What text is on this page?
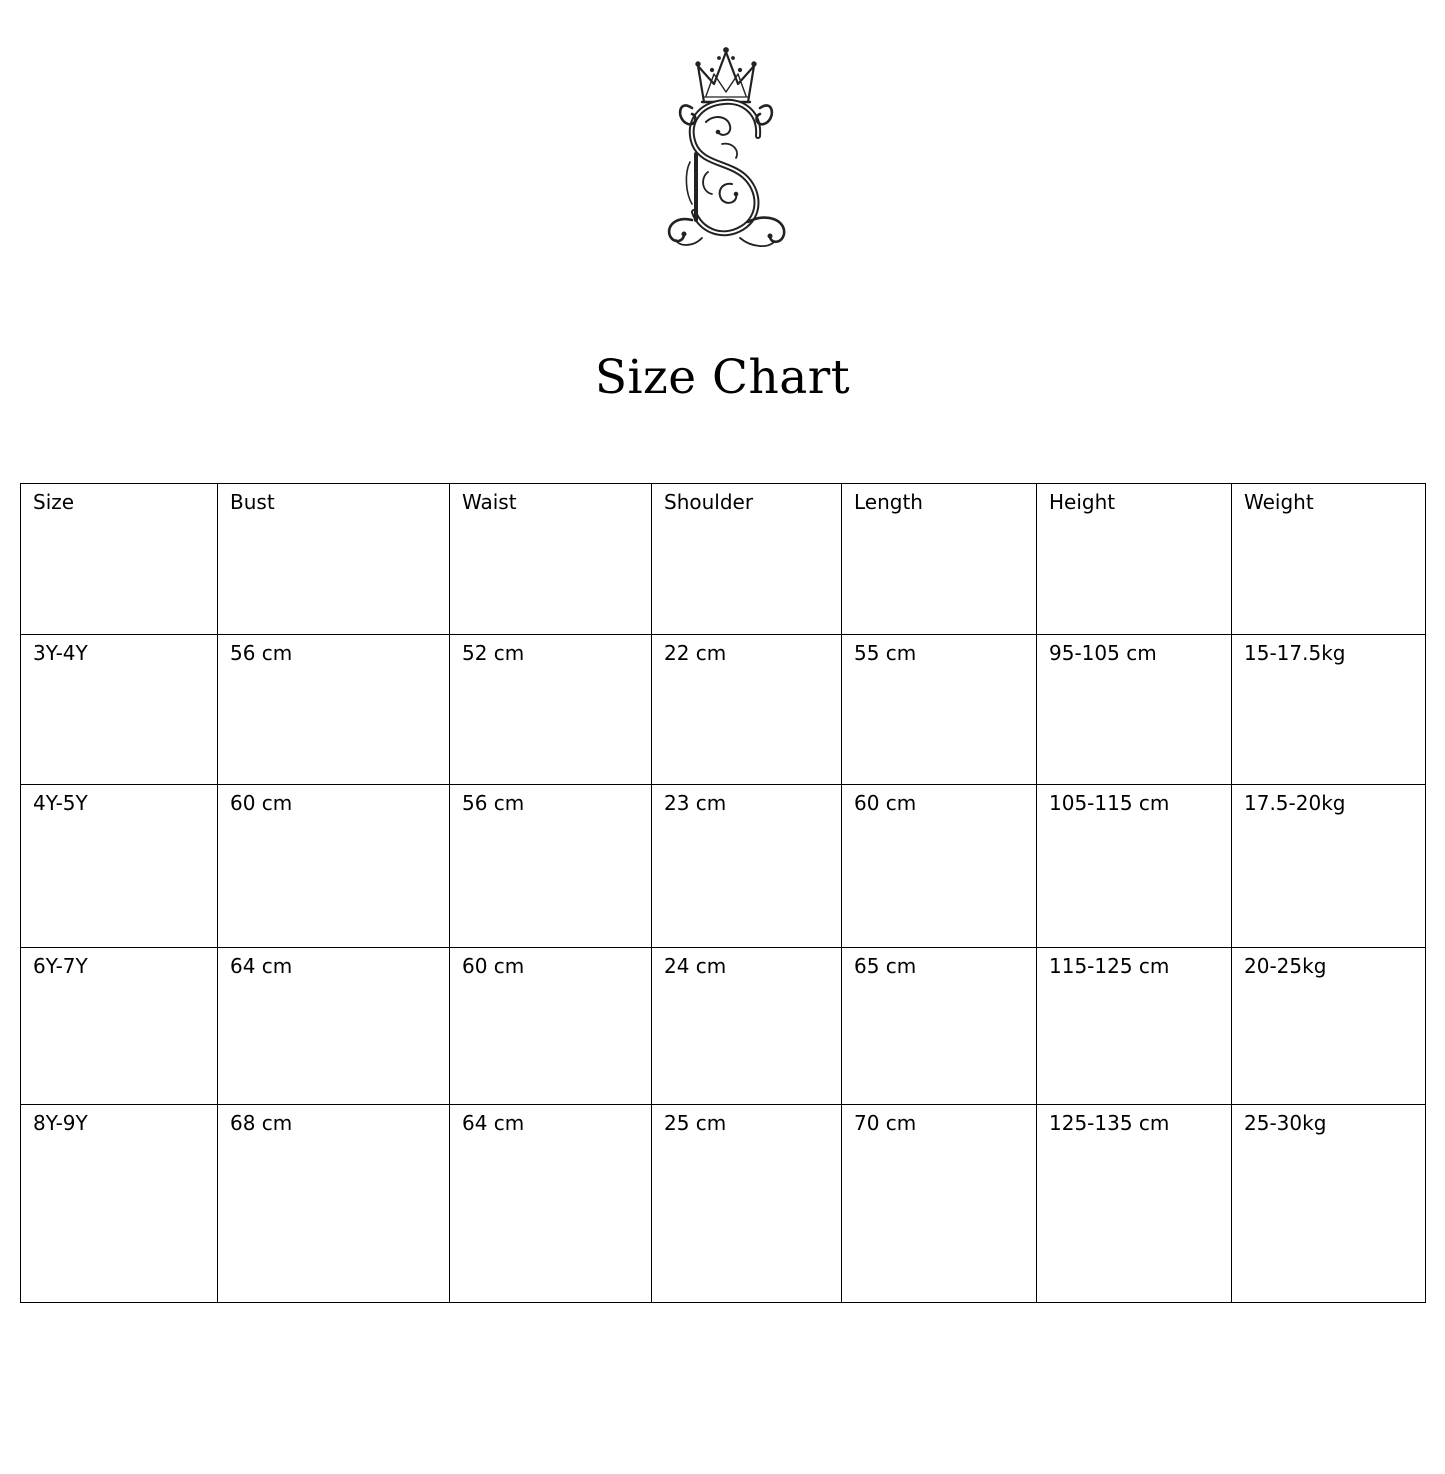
Size Chart
Size	Bust	Waist	Shoulder	Length	Height	Weight
3Y-4Y	56 cm	52 cm	22 cm	55 cm	95-105 cm	15-17.5kg
4Y-5Y	60 cm	56 cm	23 cm	60 cm	105-115 cm	17.5-20kg
6Y-7Y	64 cm	60 cm	24 cm	65 cm	115-125 cm	20-25kg
8Y-9Y	68 cm	64 cm	25 cm	70 cm	125-135 cm	25-30kg
